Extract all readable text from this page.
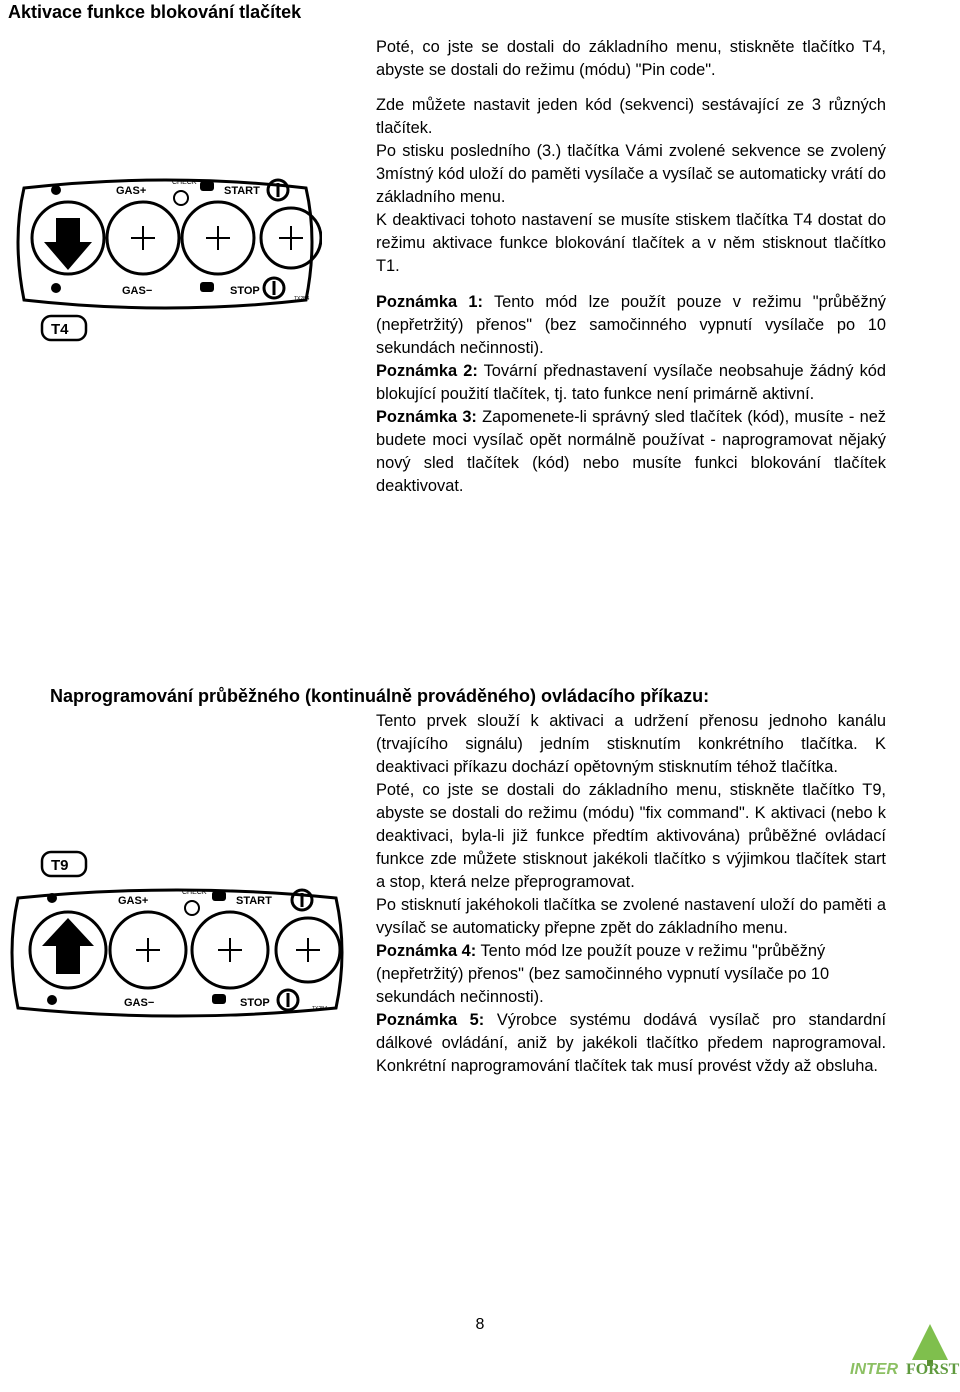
Aktivace funkce blokování tlačítek

Poté, co jste se dostali do základního menu, stiskněte tlačítko T4, abyste se dostali do režimu (módu) "Pin code".

Zde můžete nastavit jeden kód (sekvenci) sestávající ze 3 různých tlačítek.

Po stisku posledního (3.) tlačítka Vámi zvolené sekvence se zvolený 3místný kód uloží do paměti vysílače a vysílač se automaticky vrátí do základního menu.

K deaktivaci tohoto nastavení se musíte stiskem tlačítka T4 dostat do režimu aktivace funkce blokování tlačítek a v něm stisknout tlačítko T1.

Poznámka 1: Tento mód lze použít pouze v režimu "průběžný (nepřetržitý) přenos" (bez samočinného vypnutí vysílače po 10 sekundách nečinnosti).

Poznámka 2: Tovární přednastavení vysílače neobsahuje žádný kód blokující použití tlačítek, tj. tato funkce není primárně aktivní.

Poznámka 3: Zapomenete-li správný sled tlačítek (kód), musíte - než budete moci vysílač opět normálně používat - naprogramovat nějaký nový sled tlačítek (kód) nebo musíte funkci blokování tlačítek deaktivovat.

GAS+
CHECK
START
GAS−	STOP
TX2B4
T4
Naprogramování průběžného (kontinuálně prováděného) ovládacího příkazu:

Tento prvek slouží k aktivaci a udržení přenosu jednoho kanálu (trvajícího signálu) jedním stisknutím konkrétního tlačítka. K deaktivaci příkazu dochází opětovným stisknutím téhož tlačítka.

Poté, co jste se dostali do základního menu, stiskněte tlačítko T9, abyste se dostali do režimu (módu) "fix command". K aktivaci (nebo k deaktivaci, byla-li již funkce předtím aktivována) průběžné ovládací funkce zde můžete stisknout jakékoli tlačítko s výjimkou tlačítek start a stop, která nelze přeprogramovat.

Po stisknutí jakéhokoli tlačítka se zvolené nastavení uloží do paměti a vysílač se automaticky přepne zpět do základního menu.

Poznámka 4: Tento mód lze použít pouze v režimu "průběžný (nepřetržitý) přenos" (bez samočinného vypnutí vysílače po 10 sekundách nečinnosti).

Poznámka 5: Výrobce systému dodává vysílač pro standardní dálkové ovládání, aniž by jakékoli tlačítko předem naprogramoval. Konkrétní naprogramování tlačítek tak musí provést vždy až obsluha.

T9
GAS+
CHECK
START
GAS−	STOP	TX2B4
8
INTER FORST
